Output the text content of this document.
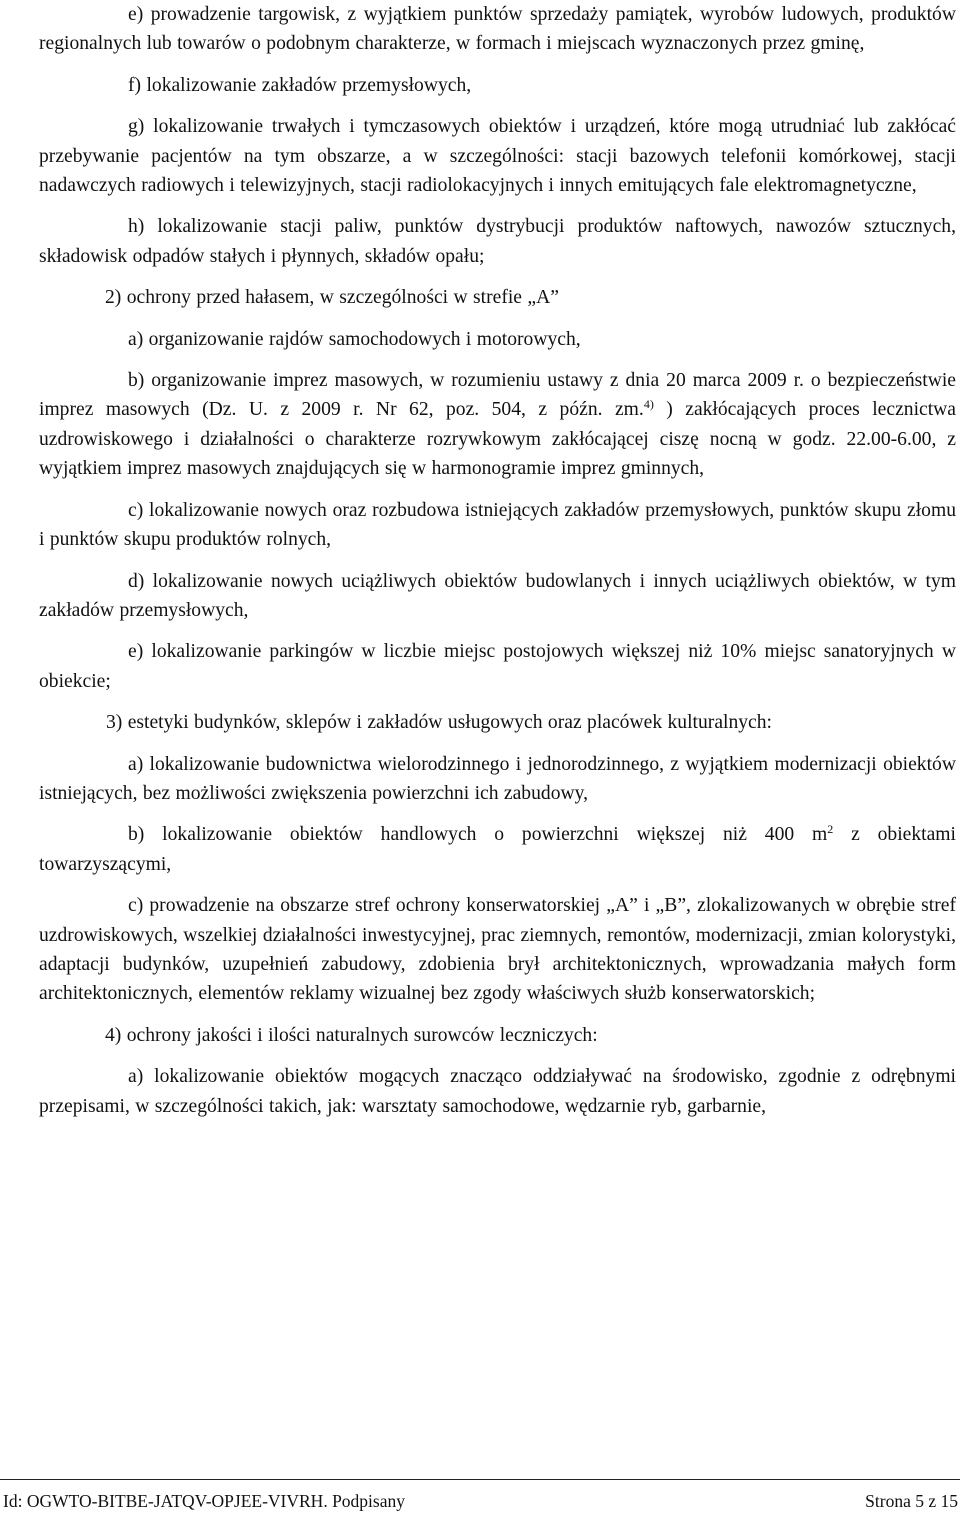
e) prowadzenie targowisk, z wyjątkiem punktów sprzedaży pamiątek, wyrobów ludowych, produktów regionalnych lub towarów o podobnym charakterze, w formach i miejscach wyznaczonych przez gminę,

f) lokalizowanie zakładów przemysłowych,

g) lokalizowanie trwałych i tymczasowych obiektów i urządzeń, które mogą utrudniać lub zakłócać przebywanie pacjentów na tym obszarze, a w szczególności: stacji bazowych telefonii komórkowej, stacji nadawczych radiowych i telewizyjnych, stacji radiolokacyjnych i innych emitujących fale elektromagnetyczne,

h) lokalizowanie stacji paliw, punktów dystrybucji produktów naftowych, nawozów sztucznych, składowisk odpadów stałych i płynnych, składów opału;

2) ochrony przed hałasem, w szczególności w strefie „A”

a) organizowanie rajdów samochodowych i motorowych,

b) organizowanie imprez masowych, w rozumieniu ustawy z dnia 20 marca 2009 r. o bezpieczeństwie imprez masowych (Dz. U. z 2009 r. Nr 62, poz. 504, z późn. zm.$^{4)}$ ) zakłócających proces lecznictwa uzdrowiskowego i działalności o charakterze rozrywkowym zakłócającej ciszę nocną w godz. 22.00-6.00, z wyjątkiem imprez masowych znajdujących się w harmonogramie imprez gminnych,

c) lokalizowanie nowych oraz rozbudowa istniejących zakładów przemysłowych, punktów skupu złomu i punktów skupu produktów rolnych,

d) lokalizowanie nowych uciążliwych obiektów budowlanych i innych uciążliwych obiektów, w tym zakładów przemysłowych,

e) lokalizowanie parkingów w liczbie miejsc postojowych większej niż 10% miejsc sanatoryjnych w obiekcie;

3) estetyki budynków, sklepów i zakładów usługowych oraz placówek kulturalnych:

a) lokalizowanie budownictwa wielorodzinnego i jednorodzinnego, z wyjątkiem modernizacji obiektów istniejących, bez możliwości zwiększenia powierzchni ich zabudowy,

b) lokalizowanie obiektów handlowych o powierzchni większej niż 400 $m^2$ z obiektami towarzyszącymi,

c) prowadzenie na obszarze stref ochrony konserwatorskiej „A” i „B”, zlokalizowanych w obrębie stref uzdrowiskowych, wszelkiej działalności inwestycyjnej, prac ziemnych, remontów, modernizacji, zmian kolorystyki, adaptacji budynków, uzupełnień zabudowy, zdobienia brył architektonicznych, wprowadzania małych form architektonicznych, elementów reklamy wizualnej bez zgody właściwych służb konserwatorskich;

4) ochrony jakości i ilości naturalnych surowców leczniczych:

a) lokalizowanie obiektów mogących znacząco oddziaływać na środowisko, zgodnie z odrębnymi przepisami, w szczególności takich, jak: warsztaty samochodowe, wędzarnie ryb, garbarnie,

Id: OGWTO-BITBE-JATQV-OPJEE-VIVRH. Podpisany	Strona 5 z 15
